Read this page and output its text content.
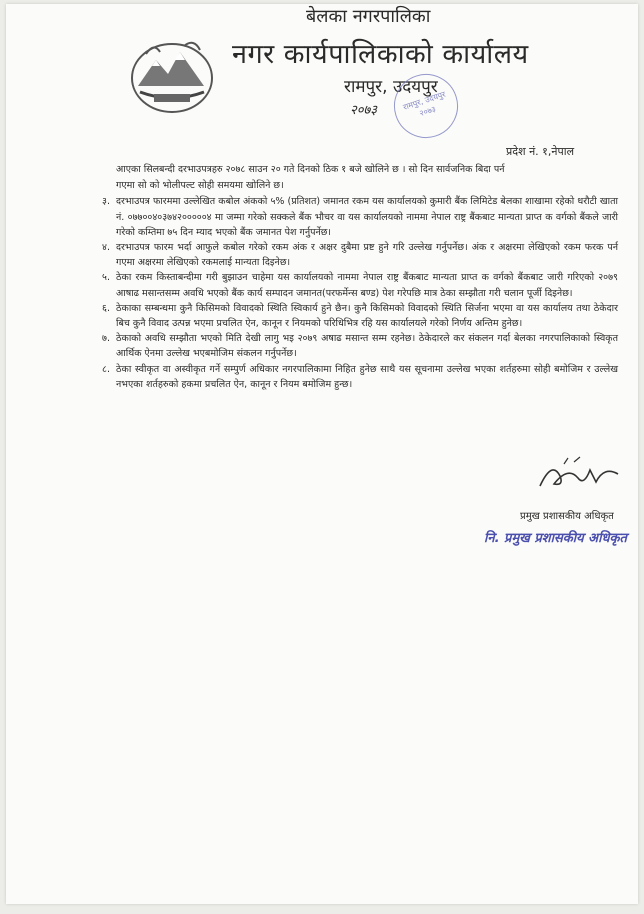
बेलका नगरपालिका
नगर कार्यपालिकाको कार्यालय
रामपुर, उदयपुर
२०७३	रामपुर, उदयपुर २०७३
प्रदेश नं. १,नेपाल

आएका सिलबन्दी दरभाउपत्रहरु २०७८ साउन २० गते दिनको ठिक १ बजे खोलिने छ । सो दिन सार्वजनिक बिदा पर्न

गएमा सो को भोलीपल्ट सोही समयमा खोलिने छ।

३. दरभाउपत्र फारममा उल्लेखित कबोल अंकको ५% (प्रतिशत) जमानत रकम यस कार्यालयको कुमारी बैंक लिमिटेड बेलका शाखामा रहेको धरौटी खाता नं. ०७७००४०३७४२०००००४ मा जम्मा गरेको सक्कले बैंक भौचर वा यस कार्यालयको नाममा नेपाल राष्ट्र बैंकबाट मान्यता प्राप्त क वर्गको बैंकले जारी गरेको कम्तिमा ७५ दिन म्याद भएको बैंक जमानत पेश गर्नुपर्नेछ।
४. दरभाउपत्र फारम भर्दा आफुले कबोल गरेको रकम अंक र अक्षर दुबैमा प्रष्ट हुने गरि उल्लेख गर्नुपर्नेछ। अंक र अक्षरमा लेखिएको रकम फरक पर्न गएमा अक्षरमा लेखिएको रकमलाई मान्यता दिइनेछ।
५. ठेका रकम किस्ताबन्दीमा गरी बुझाउन चाहेमा यस कार्यालयको नाममा नेपाल राष्ट्र बैंकबाट मान्यता प्राप्त क वर्गको बैंकबाट जारी गरिएको २०७९ आषाढ मसान्तसम्म अवधि भएको बैंक कार्य सम्पादन जमानत(परफर्मेन्स बण्ड) पेश गरेपछि मात्र ठेका सम्झौता गरी चलान पूर्जी दिइनेछ।
६. ठेकाका सम्बन्धमा कुनै किसिमको विवादको स्थिति स्विकार्य हुने छैन। कुनै किसिमको विवादको स्थिति सिर्जना भएमा वा यस कार्यालय तथा ठेकेदार बिच कुनै विवाद उत्पन्न भएमा प्रचलित ऐन, कानून र नियमको परिधिभित्र रहि यस कार्यालयले गरेको निर्णय अन्तिम हुनेछ।
७. ठेकाको अवधि सम्झौता भएको मिति देखी लागु भइ २०७९ अषाढ मसान्त सम्म रहनेछ। ठेकेदारले कर संकलन गर्दा बेलका नगरपालिकाको स्विकृत आर्थिक ऐनमा उल्लेख भएबमोजिम संकलन गर्नुपर्नेछ।
८. ठेका स्वीकृत वा अस्वीकृत गर्ने सम्पुर्ण अधिकार नगरपालिकामा निहित हुनेछ साथै यस सूचनामा उल्लेख भएका शर्तहरुमा सोही बमोजिम र उल्लेख नभएका शर्तहरुको हकमा प्रचलित ऐन, कानून र नियम बमोजिम हुन्छ।
प्रमुख प्रशासकीय अधिकृत
नि. प्रमुख प्रशासकीय अधिकृत
